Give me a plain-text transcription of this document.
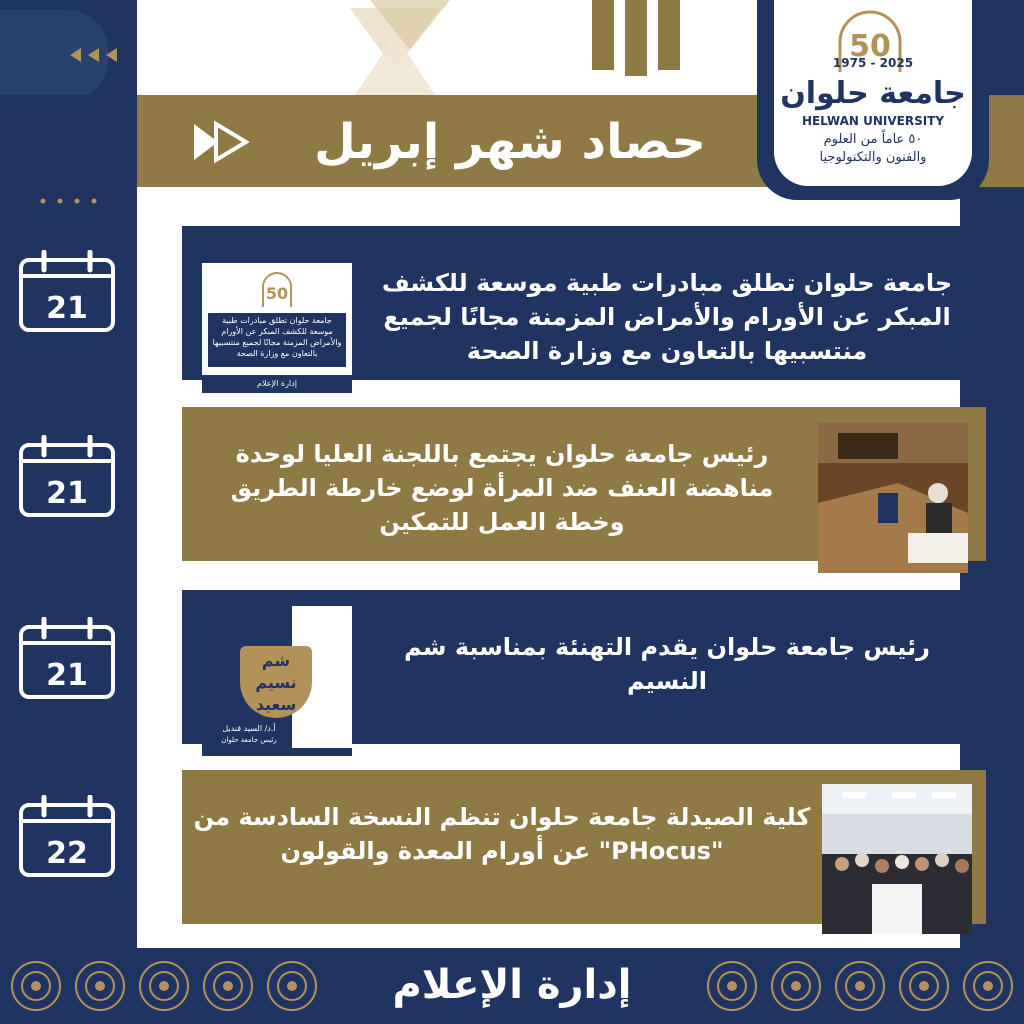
حصاد شهر إبريل
50
1975 - 2025
جامعة حلوان
HELWAN UNIVERSITY
٥٠ عاماً من العلوم
والفنون والتكنولوجيا
50
جامعة حلوان تطلق مبادرات طبية موسعة للكشف المبكر عن الأورام والأمراض المزمنة مجانًا لجميع منتسبيها بالتعاون مع وزارة الصحة
إدارة الإعلام
جامعة حلوان تطلق مبادرات طبية موسعة للكشف المبكر عن الأورام والأمراض المزمنة مجانًا لجميع منتسبيها بالتعاون مع وزارة الصحة
رئيس جامعة حلوان يجتمع باللجنة العليا لوحدة مناهضة العنف ضد المرأة لوضع خارطة الطريق وخطة العمل للتمكين
شم نسيم سعيد
أ.د/ السيد قنديل
رئيس جامعة حلوان
رئيس جامعة حلوان يقدم التهنئة بمناسبة شم النسيم
كلية الصيدلة جامعة حلوان تنظم النسخة السادسة من "PHocus" عن أورام المعدة والقولون
21
21
21
22
إدارة الإعلام
